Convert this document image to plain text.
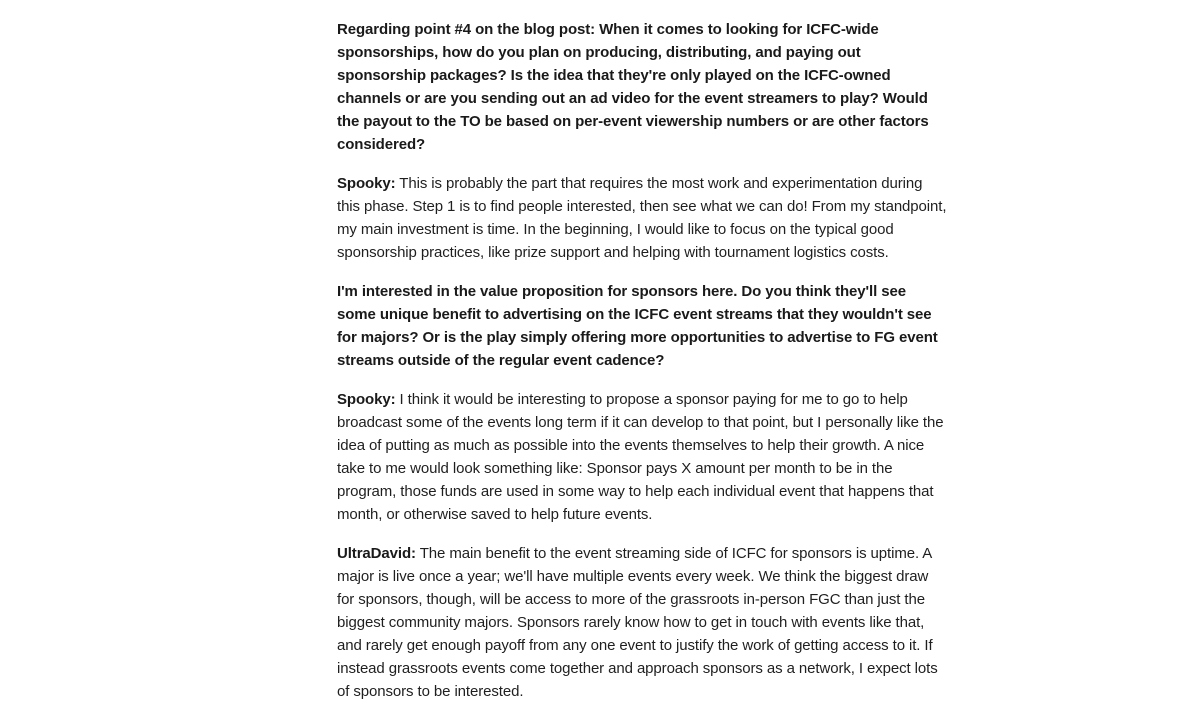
Regarding point #4 on the blog post: When it comes to looking for ICFC-wide sponsorships, how do you plan on producing, distributing, and paying out sponsorship packages? Is the idea that they're only played on the ICFC-owned channels or are you sending out an ad video for the event streamers to play? Would the payout to the TO be based on per-event viewership numbers or are other factors considered?

Spooky: This is probably the part that requires the most work and experimentation during this phase. Step 1 is to find people interested, then see what we can do! From my standpoint, my main investment is time. In the beginning, I would like to focus on the typical good sponsorship practices, like prize support and helping with tournament logistics costs.

I'm interested in the value proposition for sponsors here. Do you think they'll see some unique benefit to advertising on the ICFC event streams that they wouldn't see for majors? Or is the play simply offering more opportunities to advertise to FG event streams outside of the regular event cadence?

Spooky: I think it would be interesting to propose a sponsor paying for me to go to help broadcast some of the events long term if it can develop to that point, but I personally like the idea of putting as much as possible into the events themselves to help their growth. A nice take to me would look something like: Sponsor pays X amount per month to be in the program, those funds are used in some way to help each individual event that happens that month, or otherwise saved to help future events.

UltraDavid: The main benefit to the event streaming side of ICFC for sponsors is uptime. A major is live once a year; we'll have multiple events every week. We think the biggest draw for sponsors, though, will be access to more of the grassroots in-person FGC than just the biggest community majors. Sponsors rarely know how to get in touch with events like that, and rarely get enough payoff from any one event to justify the work of getting access to it. If instead grassroots events come together and approach sponsors as a network, I expect lots of sponsors to be interested.
